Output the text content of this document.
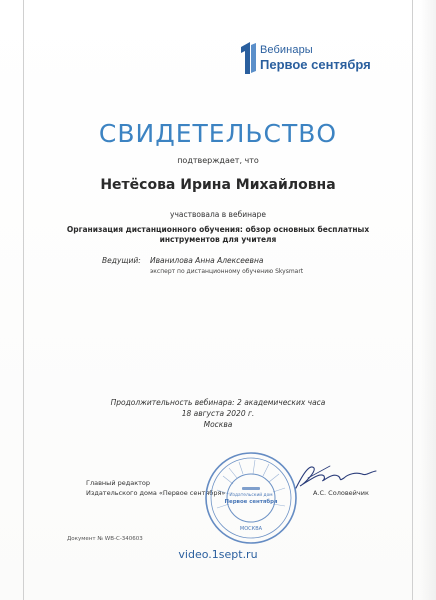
Вебинары
Первое сентября
СВИДЕТЕЛЬСТВО
подтверждает, что
Нетёсова Ирина Михайловна
участвовала в вебинаре
Организация дистанционного обучения: обзор основных бесплатных инструментов для учителя
Ведущий: Иванилова Анна Алексеевна
эксперт по дистанционному обучению Skysmart
Продолжительность вебинара: 2 академических часа
18 августа 2020 г.
Москва
Главный редактор
Издательского дома «Первое сентября» Издательский дом
Первое сентября
МОСКВА
А.С. Соловейчик
Документ № WB-C-340603
video.1sept.ru
